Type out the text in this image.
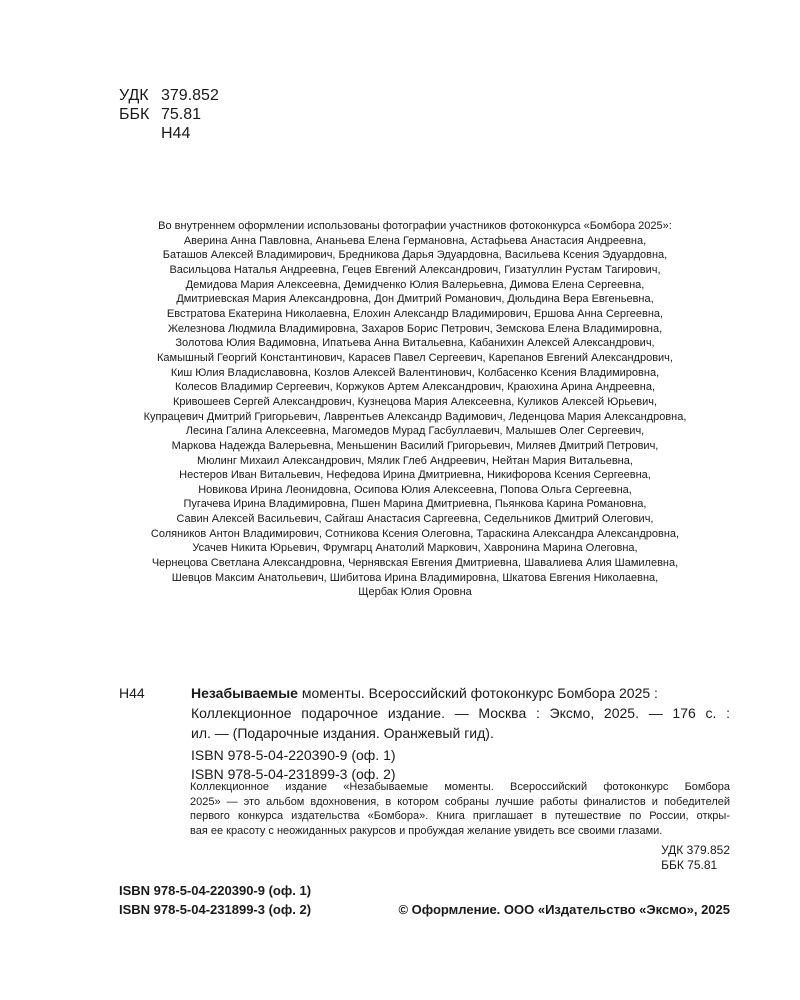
УДК 379.852
ББК 75.81
Н44
Во внутреннем оформлении использованы фотографии участников фотоконкурса «Бомбора 2025»:
Аверина Анна Павловна, Ананьева Елена Германовна, Астафьева Анастасия Андреевна,
Баташов Алексей Владимирович, Бредникова Дарья Эдуардовна, Васильева Ксения Эдуардовна,
Васильцова Наталья Андреевна, Гецев Евгений Александрович, Гизатуллин Рустам Тагирович,
Демидова Мария Алексеевна, Демидченко Юлия Валерьевна, Димова Елена Сергеевна,
Дмитриевская Мария Александровна, Дон Дмитрий Романович, Дюльдина Вера Евгеньевна,
Евстратова Екатерина Николаевна, Елохин Александр Владимирович, Ершова Анна Сергеевна,
Железнова Людмила Владимировна, Захаров Борис Петрович, Земскова Елена Владимировна,
Золотова Юлия Вадимовна, Ипатьева Анна Витальевна, Кабанихин Алексей Александрович,
Камышный Георгий Константинович, Карасев Павел Сергеевич, Карепанов Евгений Александрович,
Киш Юлия Владиславовна, Козлов Алексей Валентинович, Колбасенко Ксения Владимировна,
Колесов Владимир Сергеевич, Коржуков Артем Александрович, Краюхина Арина Андреевна,
Кривошеев Сергей Александрович, Кузнецова Мария Алексеевна, Куликов Алексей Юрьевич,
Купрацевич Дмитрий Григорьевич, Лаврентьев Александр Вадимович, Леденцова Мария Александровна,
Лесина Галина Алексеевна, Магомедов Мурад Гасбуллаевич, Малышев Олег Сергеевич,
Маркова Надежда Валерьевна, Меньшенин Василий Григорьевич, Миляев Дмитрий Петрович,
Мюлинг Михаил Александрович, Мялик Глеб Андреевич, Нейтан Мария Витальевна,
Нестеров Иван Витальевич, Нефедова Ирина Дмитриевна, Никифорова Ксения Сергеевна,
Новикова Ирина Леонидовна, Осипова Юлия Алексеевна, Попова Ольга Сергеевна,
Пугачева Ирина Владимировна, Пшен Марина Дмитриевна, Пьянкова Карина Романовна,
Савин Алексей Васильевич, Сайгаш Анастасия Саргеевна, Седельников Дмитрий Олегович,
Соляников Антон Владимирович, Сотникова Ксения Олеговна, Тараскина Александра Александровна,
Усачев Никита Юрьевич, Фрумгарц Анатолий Маркович, Хавронина Марина Олеговна,
Чернецова Светлана Александровна, Чернявская Евгения Дмитриевна, Шавалиева Алия Шамилевна,
Шевцов Максим Анатольевич, Шибитова Ирина Владимировна, Шкатова Евгения Николаевна,
Щербак Юлия Оровна
Н44	Незабываемые моменты. Всероссийский фотоконкурс Бомбора 2025 :
Коллекционное подарочное издание. — Москва : Эксмо, 2025. — 176 с. :
ил. — (Подарочные издания. Оранжевый гид).
ISBN 978-5-04-220390-9 (оф. 1)
ISBN 978-5-04-231899-3 (оф. 2)
Коллекционное издание «Незабываемые моменты. Всероссийский фотоконкурс Бомбора
2025» — это альбом вдохновения, в котором собраны лучшие работы финалистов и победителей
первого конкурса издательства «Бомбора». Книга приглашает в путешествие по России, откры-
вая ее красоту с неожиданных ракурсов и пробуждая желание увидеть все своими глазами.
УДК 379.852
ББК 75.81
ISBN 978-5-04-220390-9 (оф. 1)
ISBN 978-5-04-231899-3 (оф. 2)	© Оформление. ООО «Издательство «Эксмо», 2025
